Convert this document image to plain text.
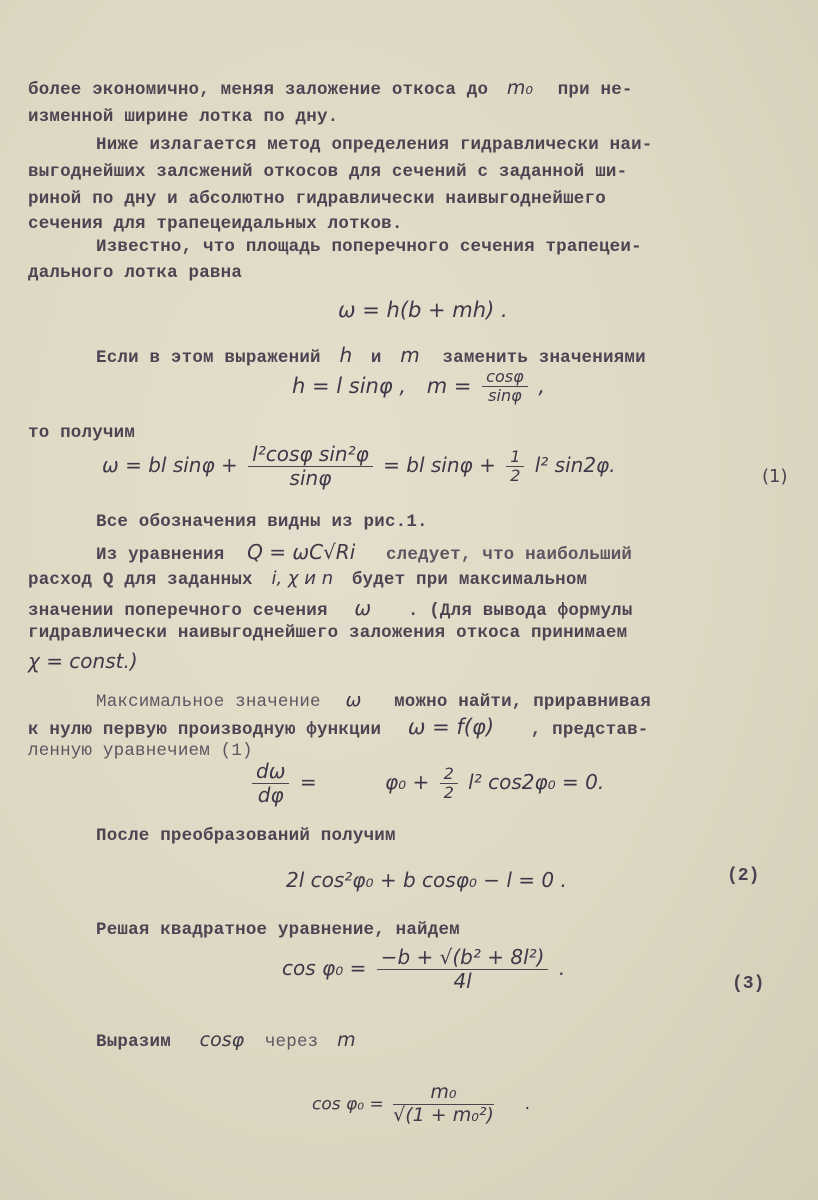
более экономично, меняя заложение откоса до m₀ при не-
изменной ширине лотка по дну.
Ниже излагается метод определения гидравлически наи-
выгоднейших залсжений откосов для сечений с заданной ши-
риной по дну и абсолютно гидравлически наивыгоднейшего
сечения для трапецеидальных лотков.
Известно, что площадь поперечного сечения трапецеи-
дального лотка равна
ω = h(b + mh) .
Если в этом выражений h и m заменить значениями
h = l sinφ , $m = \frac{\cos\varphi}{\sin\varphi}$ ,
то получим
ω = bl $\sin\varphi + \frac{\text{l²cosφ sin²φ}}{\sin\varphi}$ = bl $\sin\varphi + \frac{1}{2} l^2$ sin2φ.	(1)
Все обозначения видны из рис.1.
Из уравнения Q = ωC√Ri следует, что наибольший
расход Q для заданных i, χ и n будет при максимальном
значении поперечного сечения ω . (Для вывода формулы
гидравлически наивыгоднейшего заложения откоса принимаем
χ = const.)
Максимальное значение ω можно найти, приравнивая
к нулю первую производную функции ω = f(φ) , представ-
ленную уравнечием (1)
$\frac{d\omega}{d\varphi}$ =	$\varphi_0 + \frac{2}{2} l^2$ cos2φ₀ = 0.
После преобразований получим
2l cos²φ₀ + b cosφ₀ − l = 0 .	(2)
Решая квадратное уравнение, найдем
$\cos \varphi_0 = \frac{\text{−b + √(b² + 8l²)}}{4l}$ .
(3)
Выразим cosφ через m
$\cos \varphi_0 = \frac{\text{m₀}}{\text{√(1 + m₀²)}}$ .
